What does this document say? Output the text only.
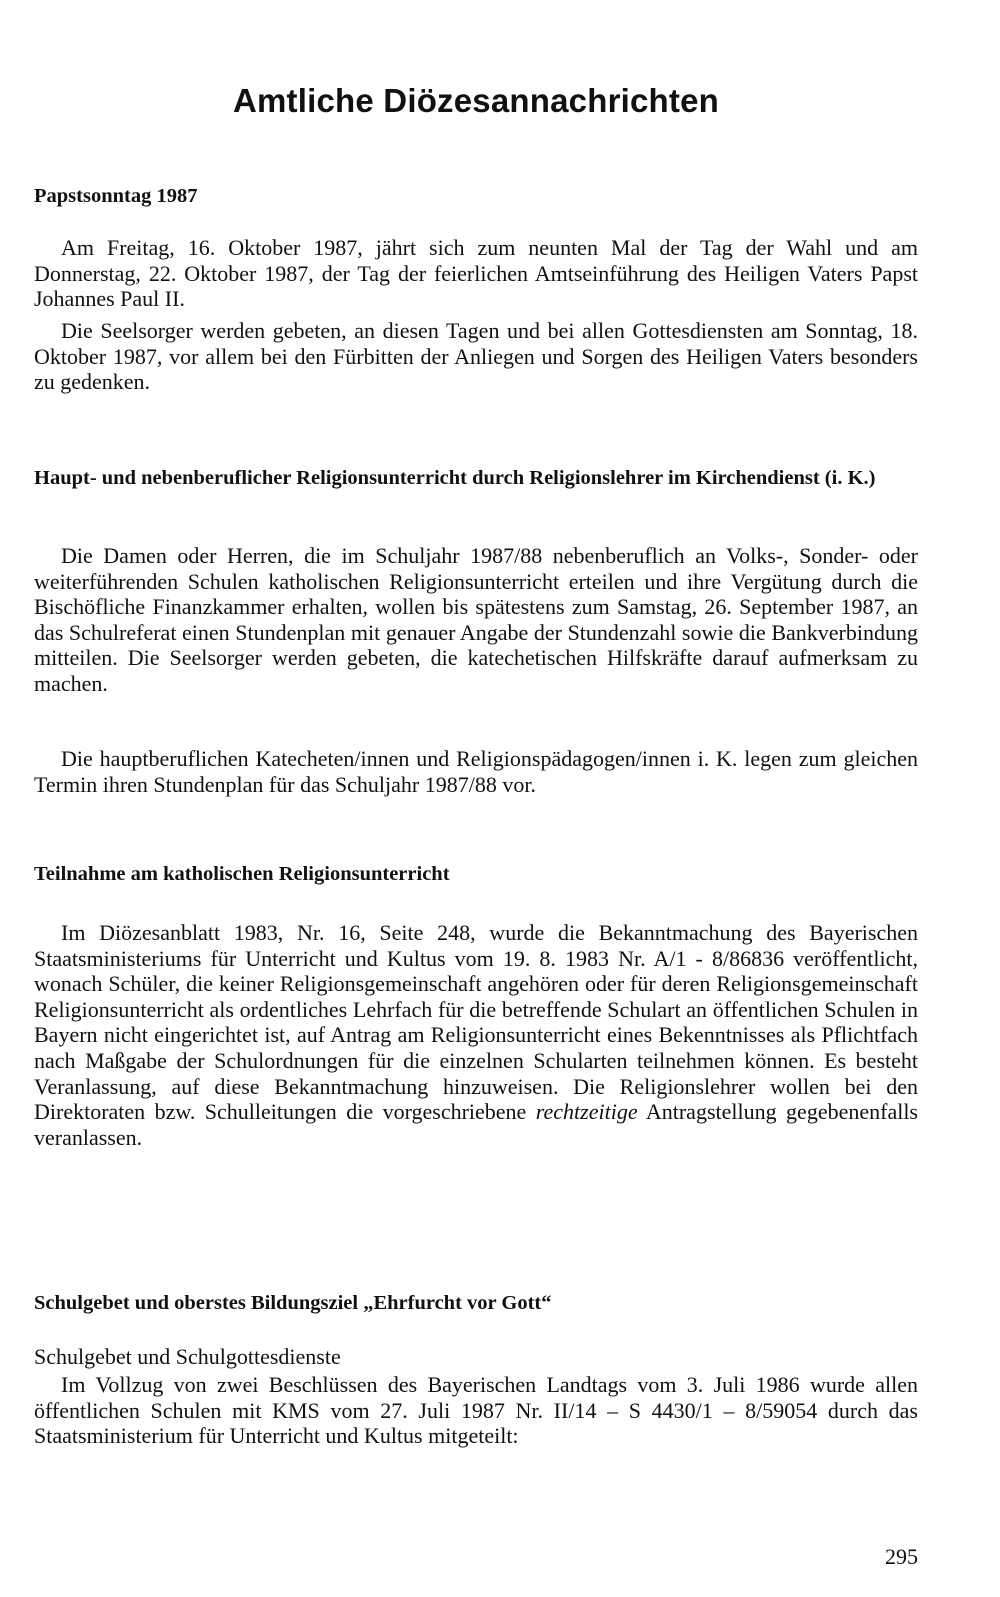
Amtliche Diözesannachrichten
Papstsonntag 1987

Am Freitag, 16. Oktober 1987, jährt sich zum neunten Mal der Tag der Wahl und am Donnerstag, 22. Oktober 1987, der Tag der feierlichen Amtseinführung des Heiligen Vaters Papst Johannes Paul II.

Die Seelsorger werden gebeten, an diesen Tagen und bei allen Gottesdiensten am Sonntag, 18. Oktober 1987, vor allem bei den Fürbitten der Anliegen und Sorgen des Heiligen Vaters besonders zu gedenken.

Haupt- und nebenberuflicher Religionsunterricht durch Religionslehrer im Kirchendienst (i. K.)

Die Damen oder Herren, die im Schuljahr 1987/88 nebenberuflich an Volks-, Sonder- oder weiterführenden Schulen katholischen Religionsunterricht erteilen und ihre Vergütung durch die Bischöfliche Finanzkammer erhalten, wollen bis spätestens zum Samstag, 26. September 1987, an das Schulreferat einen Stundenplan mit genauer Angabe der Stundenzahl sowie die Bankverbindung mitteilen. Die Seelsorger werden gebeten, die katechetischen Hilfskräfte darauf aufmerksam zu machen.

Die hauptberuflichen Katecheten/innen und Religionspädagogen/innen i. K. legen zum gleichen Termin ihren Stundenplan für das Schuljahr 1987/88 vor.

Teilnahme am katholischen Religionsunterricht

Im Diözesanblatt 1983, Nr. 16, Seite 248, wurde die Bekanntmachung des Bayerischen Staatsministeriums für Unterricht und Kultus vom 19. 8. 1983 Nr. A/1 - 8/86836 veröffentlicht, wonach Schüler, die keiner Religionsgemeinschaft angehören oder für deren Religionsgemeinschaft Religionsunterricht als ordentliches Lehrfach für die betreffende Schulart an öffentlichen Schulen in Bayern nicht eingerichtet ist, auf Antrag am Religionsunterricht eines Bekenntnisses als Pflichtfach nach Maßgabe der Schulordnungen für die einzelnen Schularten teilnehmen können. Es besteht Veranlassung, auf diese Bekanntmachung hinzuweisen. Die Religionslehrer wollen bei den Direktoraten bzw. Schulleitungen die vorgeschriebene rechtzeitige Antragstellung gegebenenfalls veranlassen.

Schulgebet und oberstes Bildungsziel „Ehrfurcht vor Gott“

Schulgebet und Schulgottesdienste

Im Vollzug von zwei Beschlüssen des Bayerischen Landtags vom 3. Juli 1986 wurde allen öffentlichen Schulen mit KMS vom 27. Juli 1987 Nr. II/14 – S 4430/1 – 8/59054 durch das Staatsministerium für Unterricht und Kultus mitgeteilt:

295
